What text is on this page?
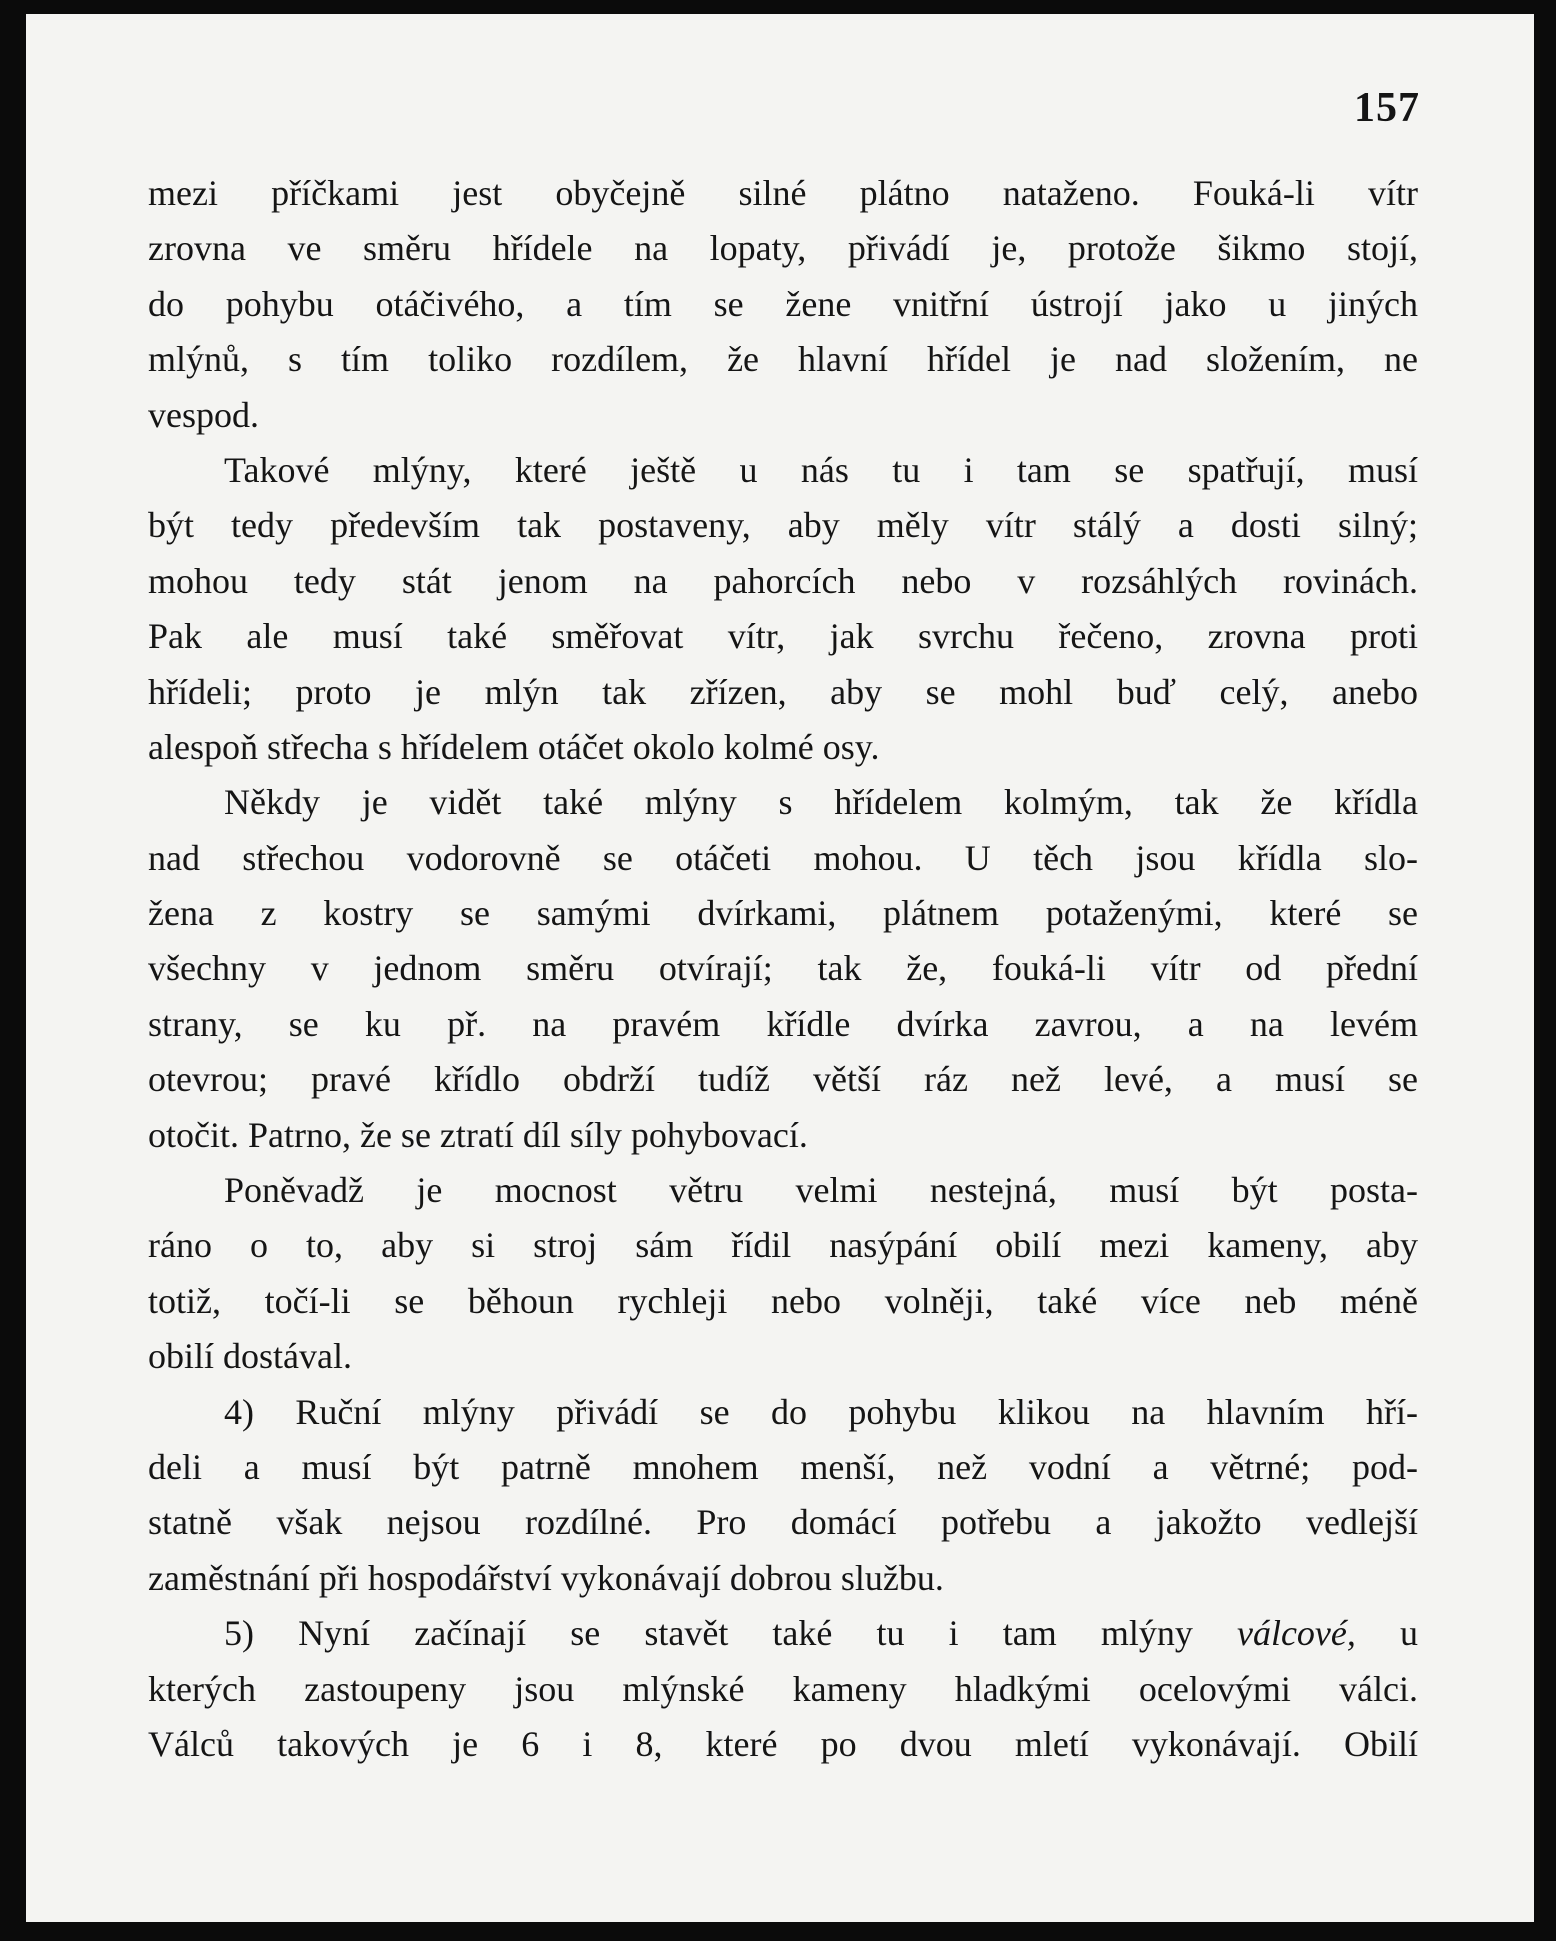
157
mezi příčkami jest obyčejně silné plátno nataženo. Fouká-li vítr
zrovna ve směru hřídele na lopaty, přivádí je, protože šikmo stojí,
do pohybu otáčivého, a tím se žene vnitřní ústrojí jako u jiných
mlýnů, s tím toliko rozdílem, že hlavní hřídel je nad složením, ne
vespod.
Takové mlýny, které ještě u nás tu i tam se spatřují, musí
být tedy především tak postaveny, aby měly vítr stálý a dosti silný;
mohou tedy stát jenom na pahorcích nebo v rozsáhlých rovinách.
Pak ale musí také směřovat vítr, jak svrchu řečeno, zrovna proti
hřídeli; proto je mlýn tak zřízen, aby se mohl buď celý, anebo
alespoň střecha s hřídelem otáčet okolo kolmé osy.
Někdy je vidět také mlýny s hřídelem kolmým, tak že křídla
nad střechou vodorovně se otáčeti mohou. U těch jsou křídla slo-
žena z kostry se samými dvírkami, plátnem potaženými, které se
všechny v jednom směru otvírají; tak že, fouká-li vítr od přední
strany, se ku př. na pravém křídle dvírka zavrou, a na levém
otevrou; pravé křídlo obdrží tudíž větší ráz než levé, a musí se
otočit. Patrno, že se ztratí díl síly pohybovací.
Poněvadž je mocnost větru velmi nestejná, musí být posta-
ráno o to, aby si stroj sám řídil nasýpání obilí mezi kameny, aby
totiž, točí-li se běhoun rychleji nebo volněji, také více neb méně
obilí dostával.
4) Ruční mlýny přivádí se do pohybu klikou na hlavním hří-
deli a musí být patrně mnohem menší, než vodní a větrné; pod-
statně však nejsou rozdílné. Pro domácí potřebu a jakožto vedlejší
zaměstnání při hospodářství vykonávají dobrou službu.
5) Nyní začínají se stavět také tu i tam mlýny válcové, u
kterých zastoupeny jsou mlýnské kameny hladkými ocelovými válci.
Válců takových je 6 i 8, které po dvou mletí vykonávají. Obilí
